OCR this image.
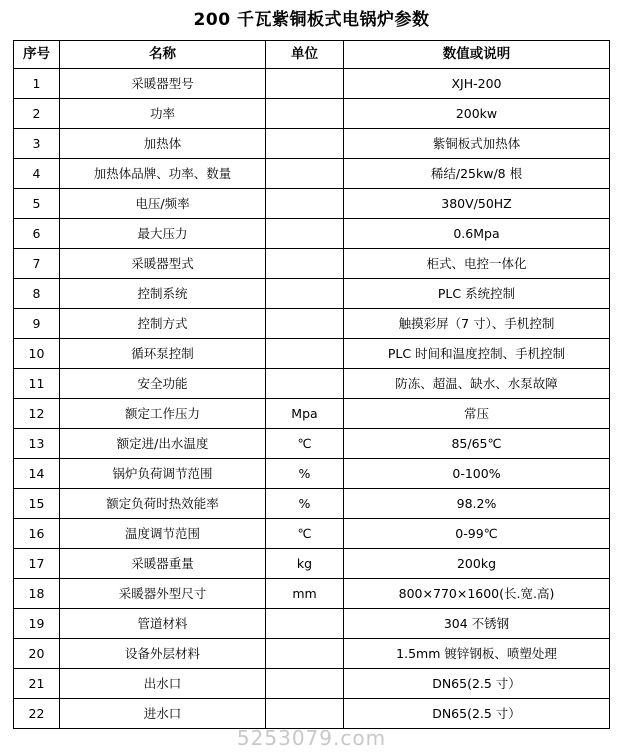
200 千瓦紫铜板式电锅炉参数
序号	名称	单位	数值或说明
1	采暖器型号		XJH-200
2	功率		200kw
3	加热体		紫铜板式加热体
4	加热体品牌、功率、数量		稀结/25kw/8 根
5	电压/频率		380V/50HZ
6	最大压力		0.6Mpa
7	采暖器型式		柜式、电控一体化
8	控制系统		PLC 系统控制
9	控制方式		触摸彩屏（7 寸）、手机控制
10	循环泵控制		PLC 时间和温度控制、手机控制
11	安全功能		防冻、超温、缺水、水泵故障
12	额定工作压力	Mpa	常压
13	额定进/出水温度	℃	85/65℃
14	锅炉负荷调节范围	%	0-100%
15	额定负荷时热效能率	%	98.2%
16	温度调节范围	℃	0-99℃
17	采暖器重量	kg	200kg
18	采暖器外型尺寸	mm	800×770×1600(长.宽.高)
19	管道材料		304 不锈钢
20	设备外层材料		1.5mm 镀锌钢板、喷塑处理
21	出水口		DN65(2.5 寸）
22	进水口		DN65(2.5 寸）
5253079.com
